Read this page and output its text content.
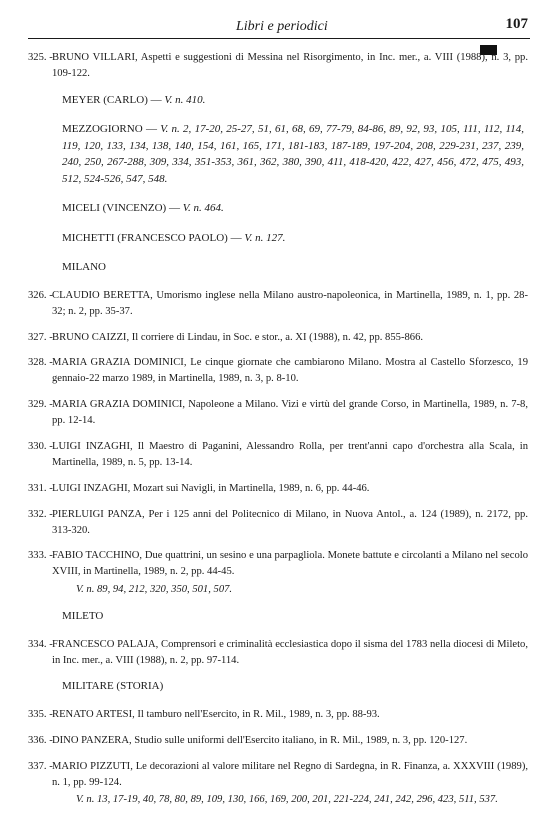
Libri e periodici	107
325. - BRUNO VILLARI, Aspetti e suggestioni di Messina nel Risorgimento, in Inc. mer., a. VIII (1988), n. 3, pp. 109-122.
MEYER (CARLO) — V. n. 410.
MEZZOGIORNO — V. n. 2, 17-20, 25-27, 51, 61, 68, 69, 77-79, 84-86, 89, 92, 93, 105, 111, 112, 114, 119, 120, 133, 134, 138, 140, 154, 161, 165, 171, 181-183, 187-189, 197-204, 208, 229-231, 237, 239, 240, 250, 267-288, 309, 334, 351-353, 361, 362, 380, 390, 411, 418-420, 422, 427, 456, 472, 475, 493, 512, 524-526, 547, 548.
MICELI (VINCENZO) — V. n. 464.
MICHETTI (FRANCESCO PAOLO) — V. n. 127.
MILANO
326. - CLAUDIO BERETTA, Umorismo inglese nella Milano austro-napoleonica, in Martinella, 1989, n. 1, pp. 28-32; n. 2, pp. 35-37.
327. - BRUNO CAIZZI, Il corriere di Lindau, in Soc. e stor., a. XI (1988), n. 42, pp. 855-866.
328. - MARIA GRAZIA DOMINICI, Le cinque giornate che cambiarono Milano. Mostra al Castello Sforzesco, 19 gennaio-22 marzo 1989, in Martinella, 1989, n. 3, p. 8-10.
329. - MARIA GRAZIA DOMINICI, Napoleone a Milano. Vizi e virtù del grande Corso, in Martinella, 1989, n. 7-8, pp. 12-14.
330. - LUIGI INZAGHI, Il Maestro di Paganini, Alessandro Rolla, per trent'anni capo d'orchestra alla Scala, in Martinella, 1989, n. 5, pp. 13-14.
331. - LUIGI INZAGHI, Mozart sui Navigli, in Martinella, 1989, n. 6, pp. 44-46.
332. - PIERLUIGI PANZA, Per i 125 anni del Politecnico di Milano, in Nuova Antol., a. 124 (1989), n. 2172, pp. 313-320.
333. - FABIO TACCHINO, Due quattrini, un sesino e una parpagliola. Monete battute e circolanti a Milano nel secolo XVIII, in Martinella, 1989, n. 2, pp. 44-45.
V. n. 89, 94, 212, 320, 350, 501, 507.
MILETO
334. - FRANCESCO PALAJA, Comprensori e criminalità ecclesiastica dopo il sisma del 1783 nella diocesi di Mileto, in Inc. mer., a. VIII (1988), n. 2, pp. 97-114.
MILITARE (STORIA)
335. - RENATO ARTESI, Il tamburo nell'Esercito, in R. Mil., 1989, n. 3, pp. 88-93.
336. - DINO PANZERA, Studio sulle uniformi dell'Esercito italiano, in R. Mil., 1989, n. 3, pp. 120-127.
337. - MARIO PIZZUTI, Le decorazioni al valore militare nel Regno di Sardegna, in R. Finanza, a. XXXVIII (1989), n. 1, pp. 99-124.
V. n. 13, 17-19, 40, 78, 80, 89, 109, 130, 166, 169, 200, 201, 221-224, 241, 242, 296, 423, 511, 537.
